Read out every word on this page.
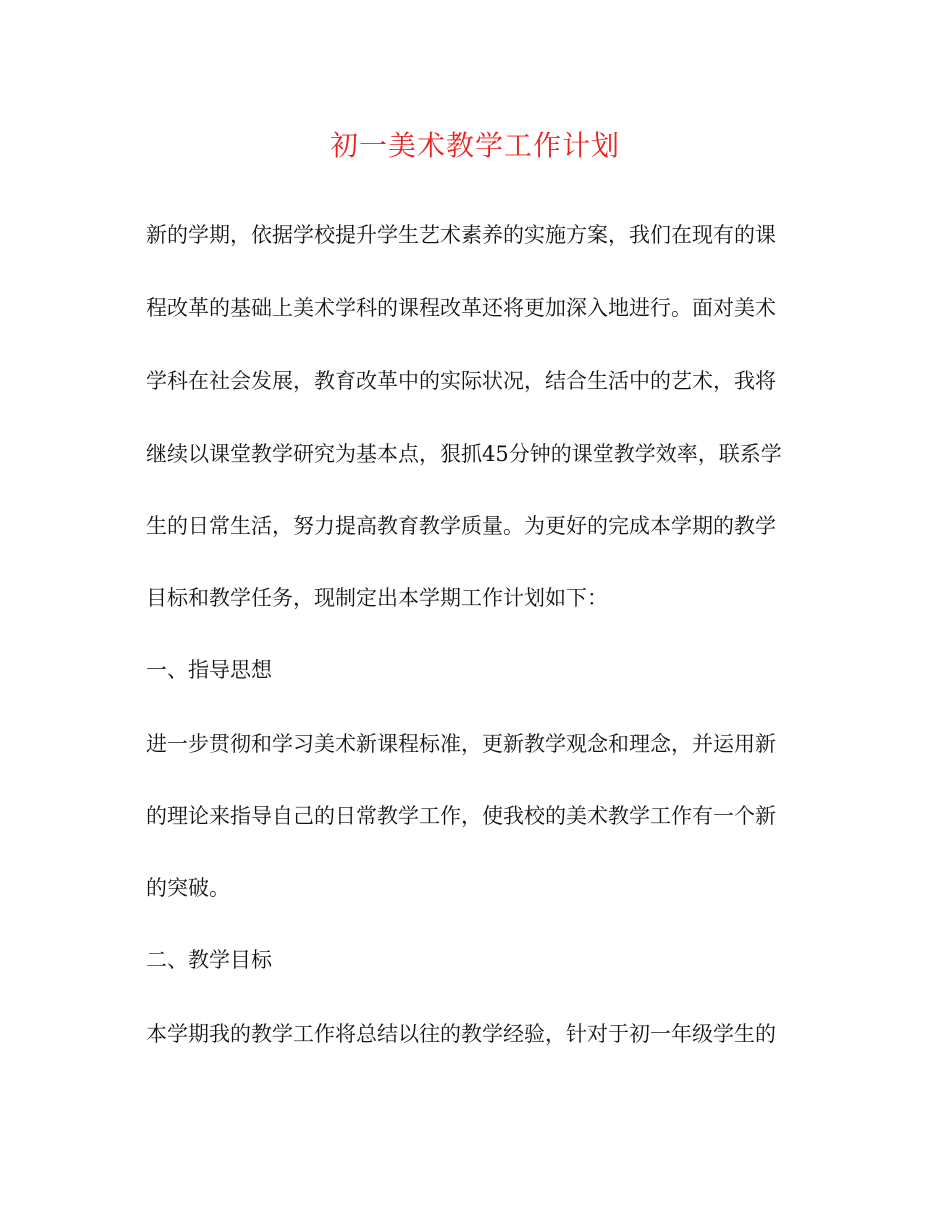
初一美术教学工作计划

新的学期，依据学校提升学生艺术素养的实施方案，我们在现有的课

程改革的基础上美术学科的课程改革还将更加深入地进行。面对美术

学科在社会发展，教育改革中的实际状况，结合生活中的艺术，我将

继续以课堂教学研究为基本点，狠抓45分钟的课堂教学效率，联系学

生的日常生活，努力提高教育教学质量。为更好的完成本学期的教学

目标和教学任务，现制定出本学期工作计划如下：

一、指导思想

进一步贯彻和学习美术新课程标准，更新教学观念和理念，并运用新

的理论来指导自己的日常教学工作，使我校的美术教学工作有一个新

的突破。

二、教学目标

本学期我的教学工作将总结以往的教学经验，针对于初一年级学生的
